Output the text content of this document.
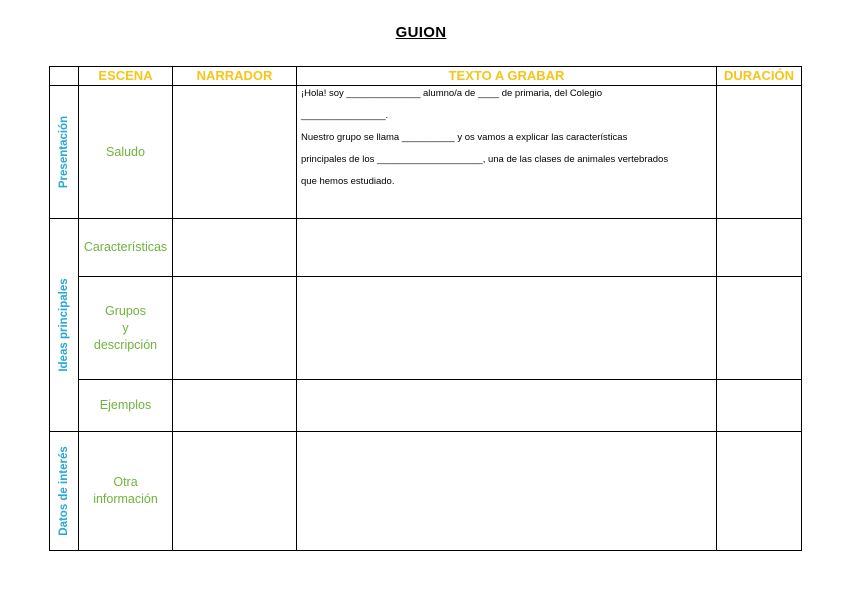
GUION
	ESCENA	NARRADOR	TEXTO A GRABAR	DURACIÓN

Presentación	Saludo		¡Hola! soy ______________ alumno/a de ____ de primaria, del Colegio
________________.
Nuestro grupo se llama __________ y os vamos a explicar las características
principales de los ____________________, una de las clases de animales vertebrados
que hemos estudiado.	

Ideas principales	Características			
	Grupos
y
descripción			
	Ejemplos			

Datos de interés	Otra
información			
